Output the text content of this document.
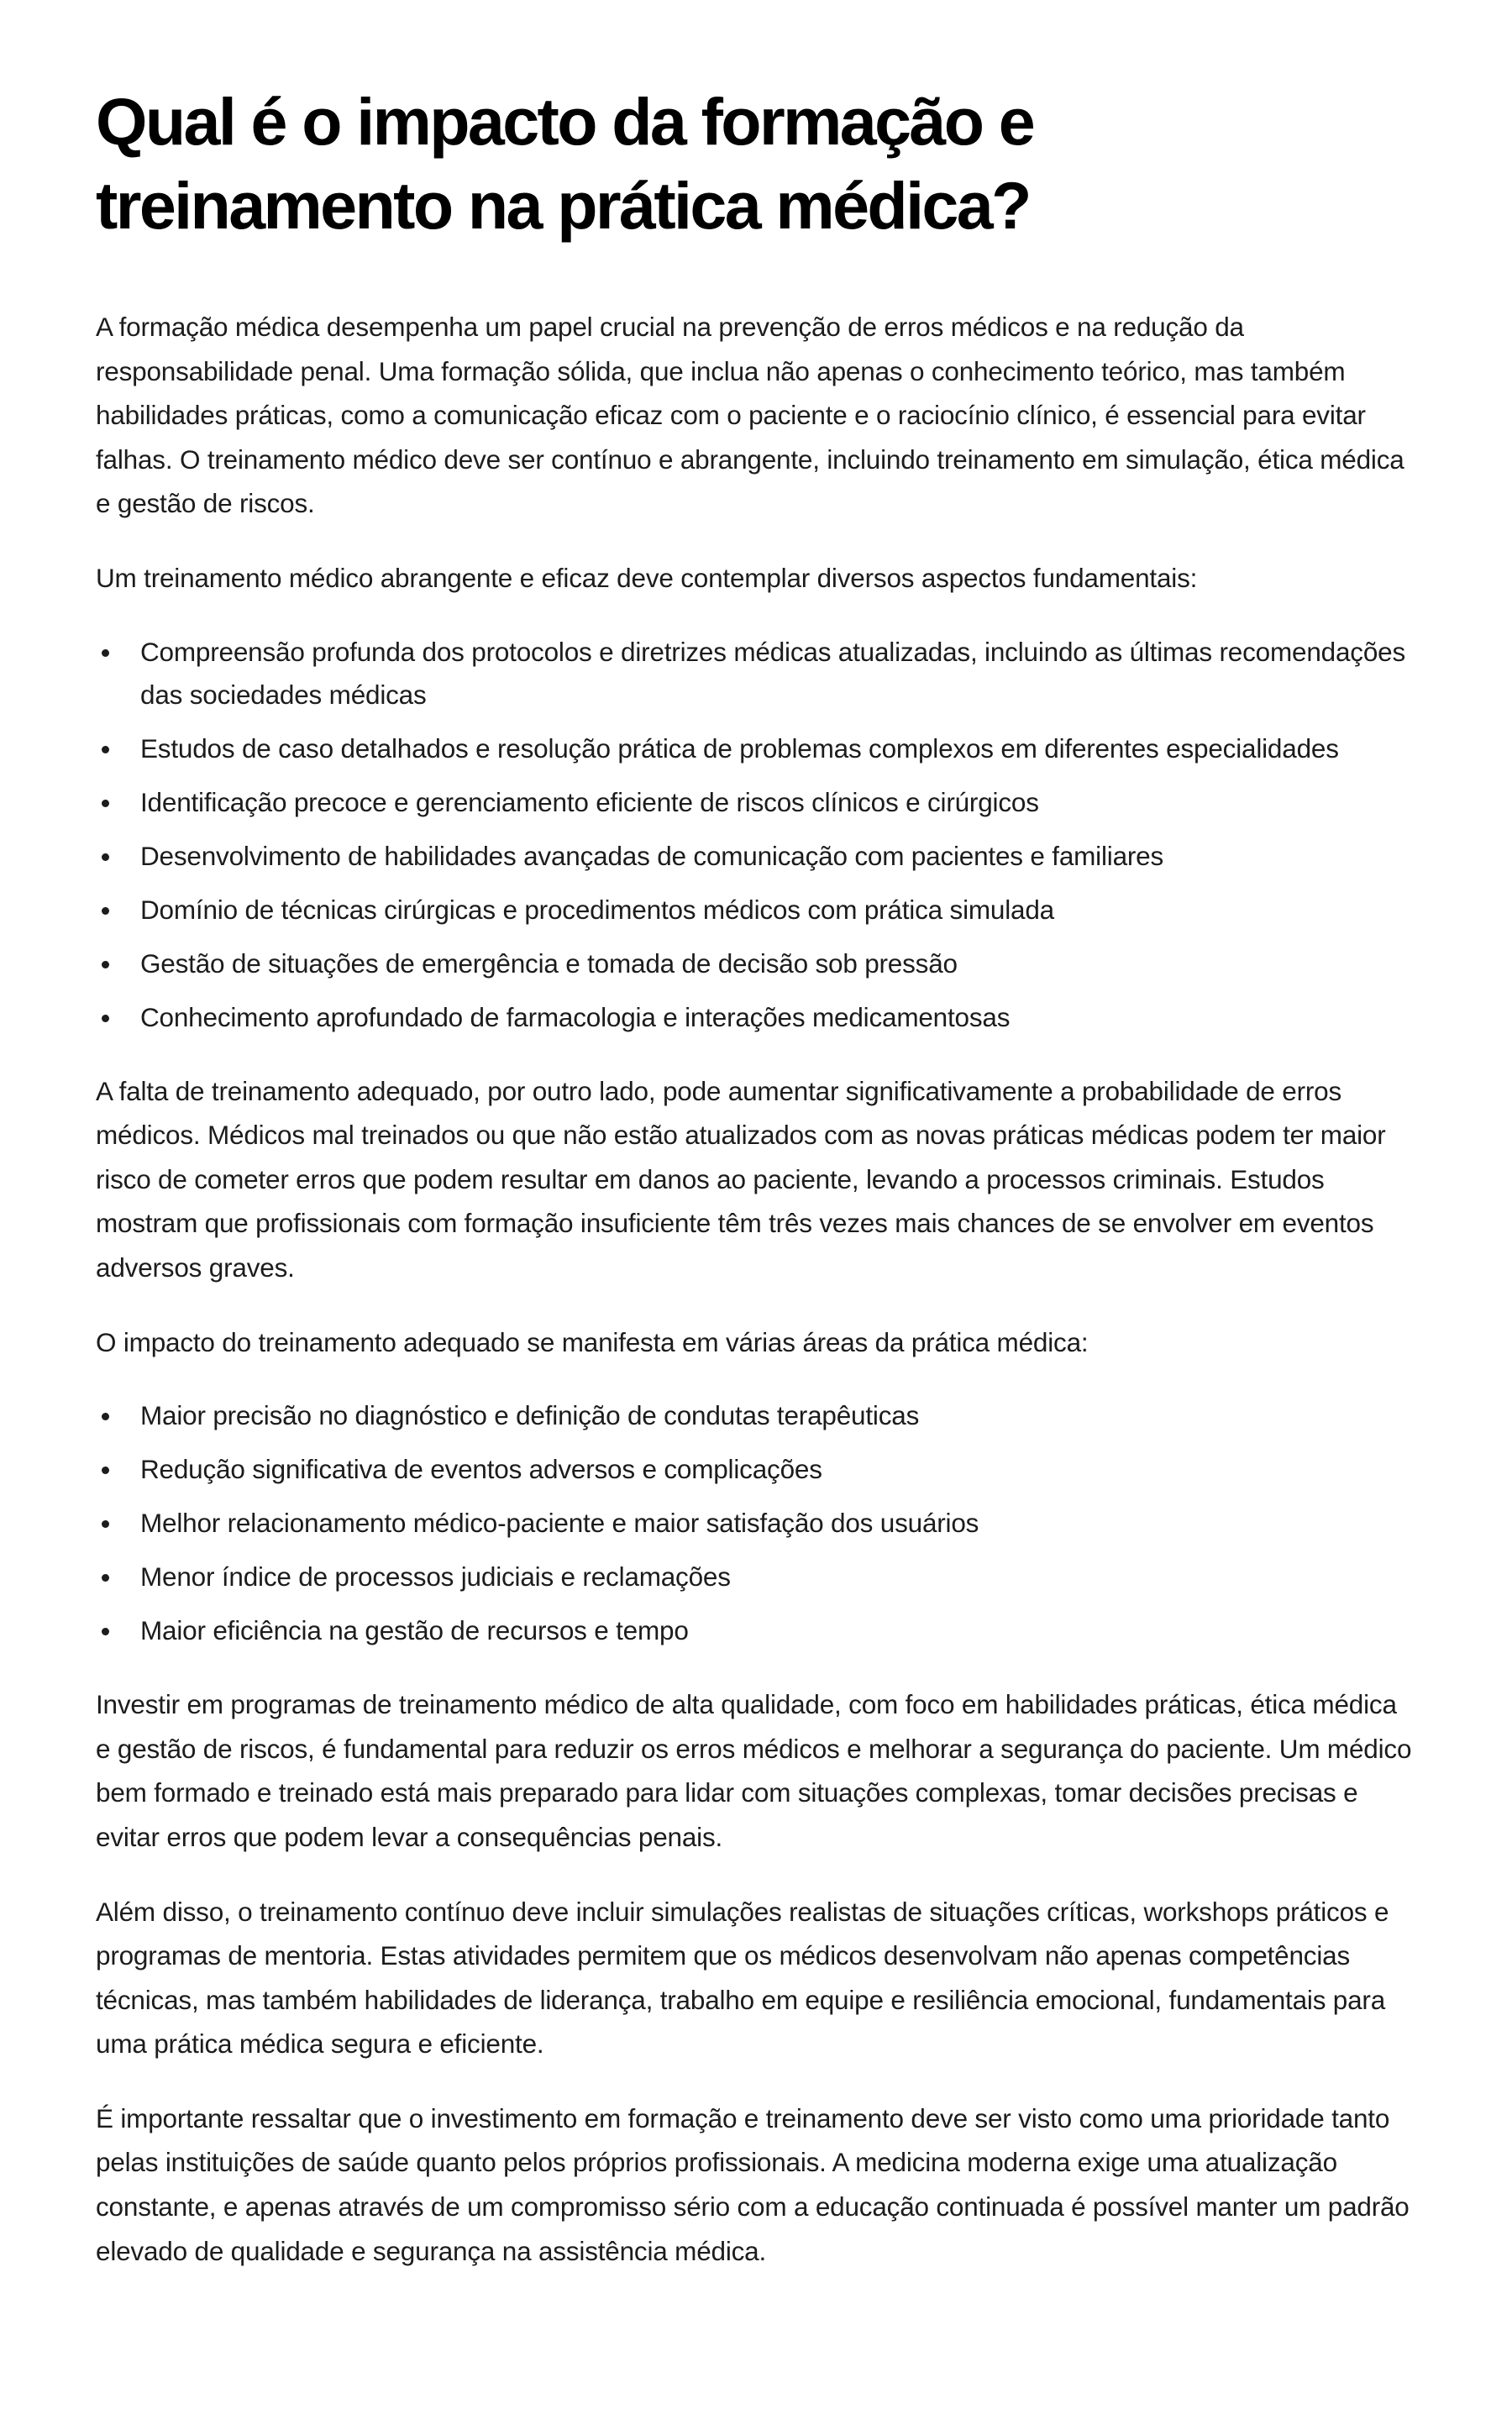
Qual é o impacto da formação e treinamento na prática médica?

A formação médica desempenha um papel crucial na prevenção de erros médicos e na redução da responsabilidade penal. Uma formação sólida, que inclua não apenas o conhecimento teórico, mas também habilidades práticas, como a comunicação eficaz com o paciente e o raciocínio clínico, é essencial para evitar falhas. O treinamento médico deve ser contínuo e abrangente, incluindo treinamento em simulação, ética médica e gestão de riscos.

Um treinamento médico abrangente e eficaz deve contemplar diversos aspectos fundamentais:

Compreensão profunda dos protocolos e diretrizes médicas atualizadas, incluindo as últimas recomendações das sociedades médicas
Estudos de caso detalhados e resolução prática de problemas complexos em diferentes especialidades
Identificação precoce e gerenciamento eficiente de riscos clínicos e cirúrgicos
Desenvolvimento de habilidades avançadas de comunicação com pacientes e familiares
Domínio de técnicas cirúrgicas e procedimentos médicos com prática simulada
Gestão de situações de emergência e tomada de decisão sob pressão
Conhecimento aprofundado de farmacologia e interações medicamentosas

A falta de treinamento adequado, por outro lado, pode aumentar significativamente a probabilidade de erros médicos. Médicos mal treinados ou que não estão atualizados com as novas práticas médicas podem ter maior risco de cometer erros que podem resultar em danos ao paciente, levando a processos criminais. Estudos mostram que profissionais com formação insuficiente têm três vezes mais chances de se envolver em eventos adversos graves.

O impacto do treinamento adequado se manifesta em várias áreas da prática médica:

Maior precisão no diagnóstico e definição de condutas terapêuticas
Redução significativa de eventos adversos e complicações
Melhor relacionamento médico-paciente e maior satisfação dos usuários
Menor índice de processos judiciais e reclamações
Maior eficiência na gestão de recursos e tempo

Investir em programas de treinamento médico de alta qualidade, com foco em habilidades práticas, ética médica e gestão de riscos, é fundamental para reduzir os erros médicos e melhorar a segurança do paciente. Um médico bem formado e treinado está mais preparado para lidar com situações complexas, tomar decisões precisas e evitar erros que podem levar a consequências penais.

Além disso, o treinamento contínuo deve incluir simulações realistas de situações críticas, workshops práticos e programas de mentoria. Estas atividades permitem que os médicos desenvolvam não apenas competências técnicas, mas também habilidades de liderança, trabalho em equipe e resiliência emocional, fundamentais para uma prática médica segura e eficiente.

É importante ressaltar que o investimento em formação e treinamento deve ser visto como uma prioridade tanto pelas instituições de saúde quanto pelos próprios profissionais. A medicina moderna exige uma atualização constante, e apenas através de um compromisso sério com a educação continuada é possível manter um padrão elevado de qualidade e segurança na assistência médica.
